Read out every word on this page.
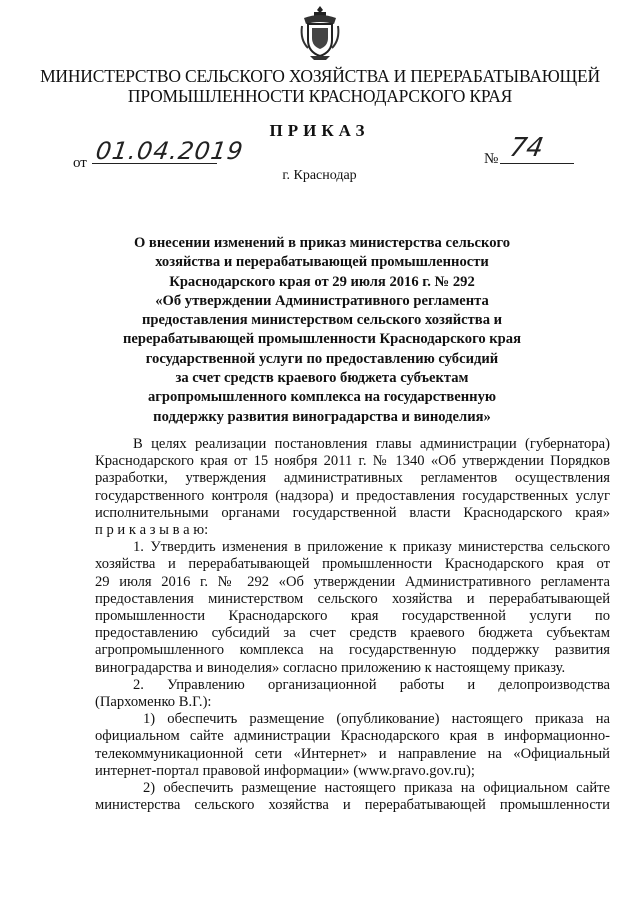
МИНИСТЕРСТВО СЕЛЬСКОГО ХОЗЯЙСТВА И ПЕРЕРАБАТЫВАЮЩЕЙ
ПРОМЫШЛЕННОСТИ КРАСНОДАРСКОГО КРАЯ
ПРИКАЗ
от 01.04.2019	№ 74
г. Краснодар
О внесении изменений в приказ министерства сельского
хозяйства и перерабатывающей промышленности
Краснодарского края от 29 июля 2016 г. № 292
«Об утверждении Административного регламента
предоставления министерством сельского хозяйства и
перерабатывающей промышленности Краснодарского края
государственной услуги по предоставлению субсидий
за счет средств краевого бюджета субъектам
агропромышленного комплекса на государственную
поддержку развития виноградарства и виноделия»
В целях реализации постановления главы администрации (губернатора)
Краснодарского края от 15 ноября 2011 г. № 1340 «Об утверждении Порядков
разработки, утверждения административных регламентов осуществления
государственного контроля (надзора) и предоставления государственных услуг
исполнительными органами государственной власти Краснодарского края»
п р и к а з ы в а ю:
1. Утвердить изменения в приложение к приказу министерства сельского
хозяйства и перерабатывающей промышленности Краснодарского края от
29 июля 2016 г. № 292 «Об утверждении Административного регламента
предоставления министерством сельского хозяйства и перерабатывающей
промышленности Краснодарского края государственной услуги по
предоставлению субсидий за счет средств краевого бюджета субъектам
агропромышленного комплекса на государственную поддержку развития
виноградарства и виноделия» согласно приложению к настоящему приказу.
2. Управлению организационной работы и делопроизводства
(Пархоменко В.Г.):
1) обеспечить размещение (опубликование) настоящего приказа на
официальном сайте администрации Краснодарского края в информационно-
телекоммуникационной сети «Интернет» и направление на «Официальный
интернет-портал правовой информации» (www.pravo.gov.ru);
2) обеспечить размещение настоящего приказа на официальном сайте
министерства сельского хозяйства и перерабатывающей промышленности
